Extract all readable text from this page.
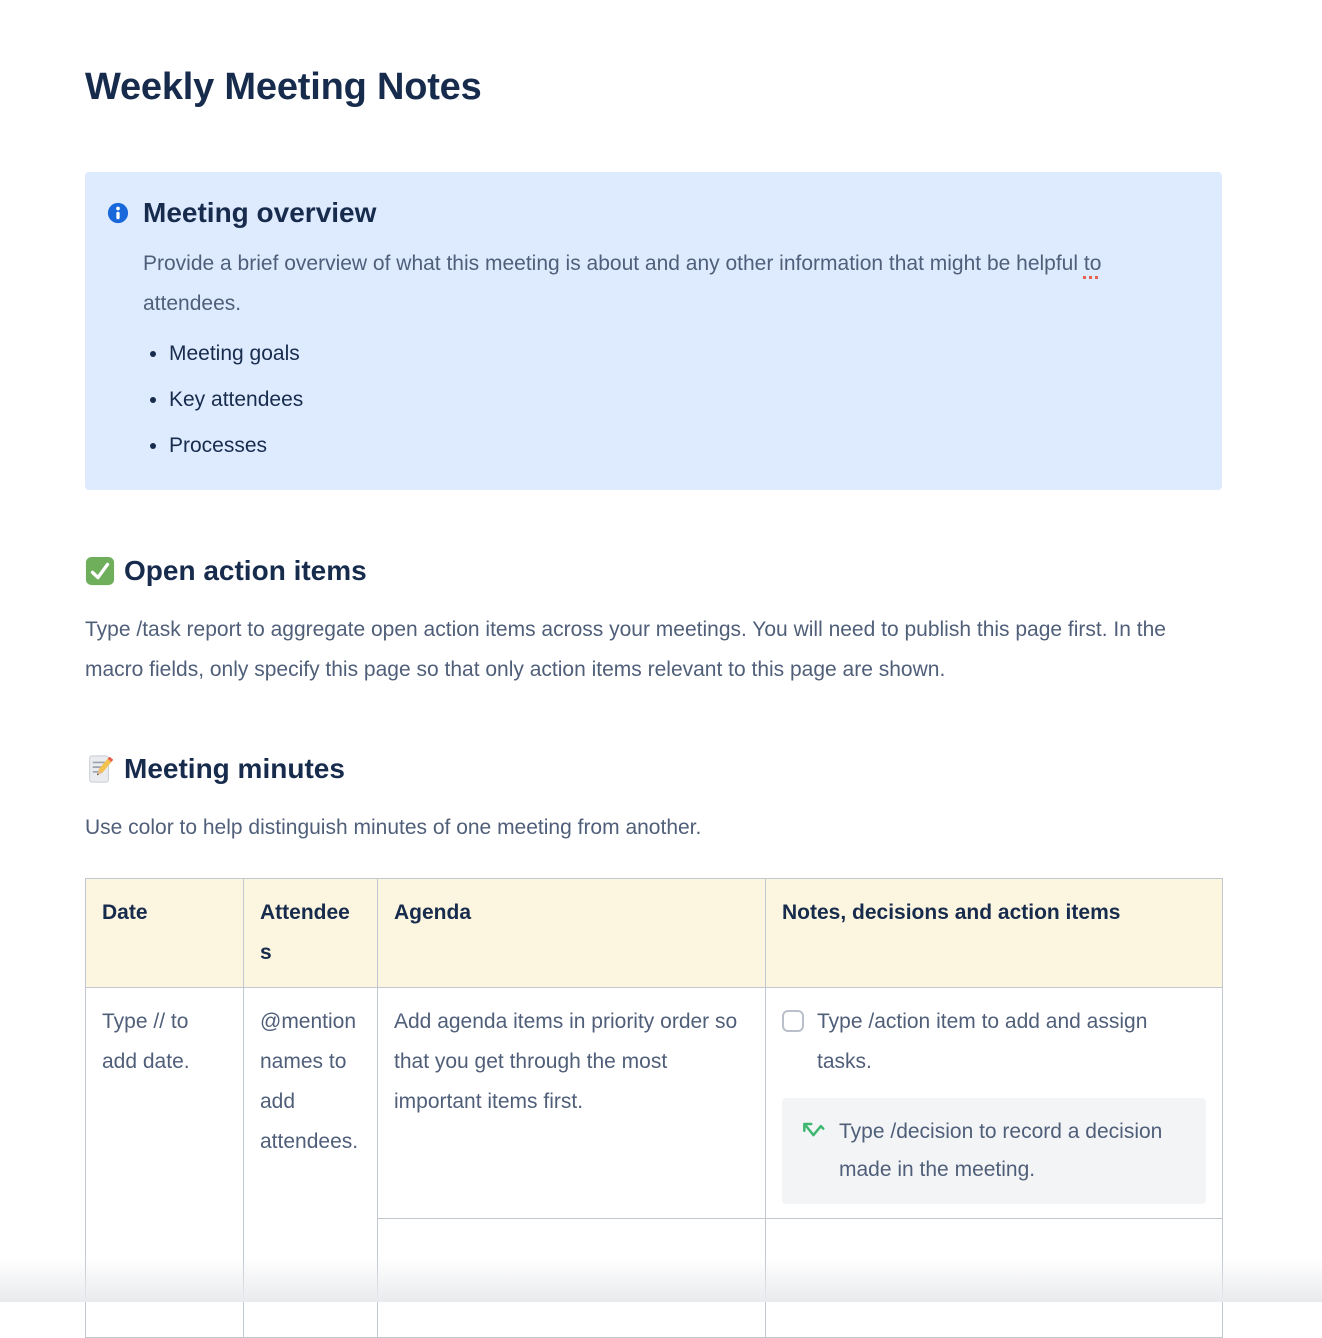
Weekly Meeting Notes
Meeting overview

Provide a brief overview of what this meeting is about and any other information that might be helpful to attendees.

• Meeting goals
• Key attendees
• Processes
Open action items

Type /task report to aggregate open action items across your meetings. You will need to publish this page first. In the macro fields, only specify this page so that only action items relevant to this page are shown.

Meeting minutes

Use color to help distinguish minutes of one meeting from another.

Date	Attendees	Agenda	Notes, decisions and action items
Type // to add date.	@mention names to add attendees.	Add agenda items in priority order so that you get through the most important items first.	Type /action item to add and assign tasks.
Type /decision to record a decision made in the meeting.
